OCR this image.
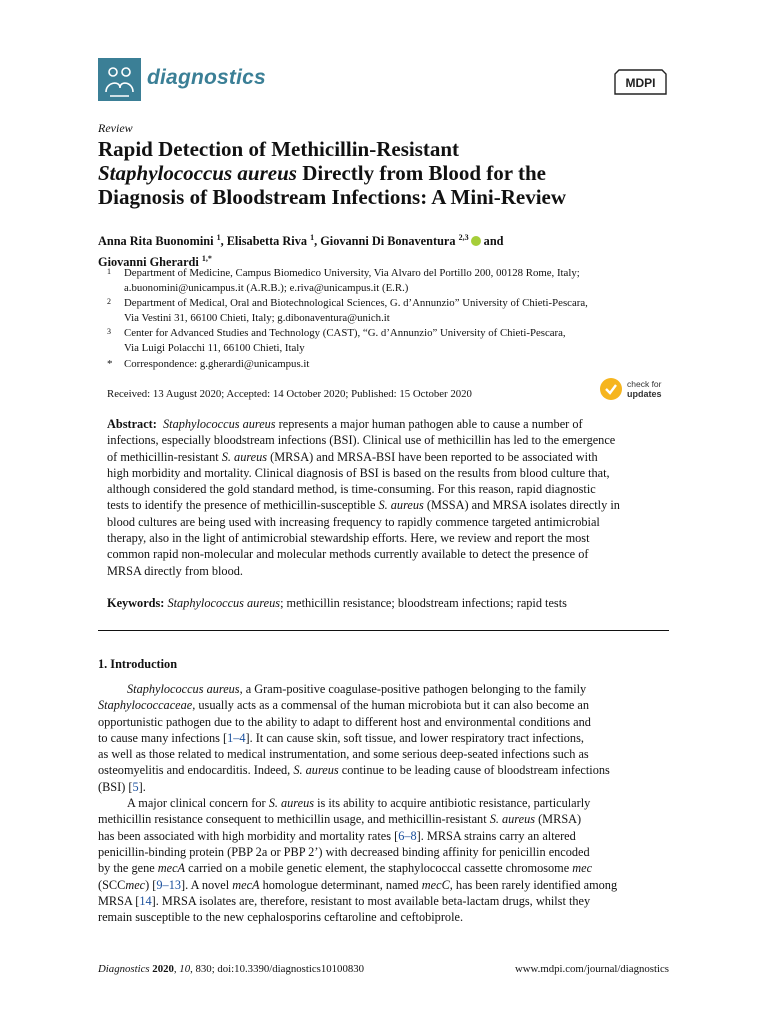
diagnostics	MDPI
Review
Rapid Detection of Methicillin-Resistant
Staphylococcus aureus Directly from Blood for the
Diagnosis of Bloodstream Infections: A Mini-Review
Anna Rita Buonomini $^1$, Elisabetta Riva $^1$, Giovanni Di Bonaventura $^{2,3}$ and
Giovanni Gherardi $^{1,*}$
1 Department of Medicine, Campus Biomedico University, Via Alvaro del Portillo 200, 00128 Rome, Italy;
a.buonomini@unicampus.it (A.R.B.); e.riva@unicampus.it (E.R.)
2 Department of Medical, Oral and Biotechnological Sciences, G. d’Annunzio” University of Chieti-Pescara,
Via Vestini 31, 66100 Chieti, Italy; g.dibonaventura@unich.it
3 Center for Advanced Studies and Technology (CAST), “G. d’Annunzio” University of Chieti-Pescara,
Via Luigi Polacchi 11, 66100 Chieti, Italy
* Correspondence: g.gherardi@unicampus.it
Received: 13 August 2020; Accepted: 14 October 2020; Published: 15 October 2020
check for
updates
Abstract: Staphylococcus aureus represents a major human pathogen able to cause a number of
infections, especially bloodstream infections (BSI). Clinical use of methicillin has led to the emergence
of methicillin-resistant S. aureus (MRSA) and MRSA-BSI have been reported to be associated with
high morbidity and mortality. Clinical diagnosis of BSI is based on the results from blood culture that,
although considered the gold standard method, is time-consuming. For this reason, rapid diagnostic
tests to identify the presence of methicillin-susceptible S. aureus (MSSA) and MRSA isolates directly in
blood cultures are being used with increasing frequency to rapidly commence targeted antimicrobial
therapy, also in the light of antimicrobial stewardship efforts. Here, we review and report the most
common rapid non-molecular and molecular methods currently available to detect the presence of
MRSA directly from blood.
Keywords: Staphylococcus aureus; methicillin resistance; bloodstream infections; rapid tests
1. Introduction
Staphylococcus aureus, a Gram-positive coagulase-positive pathogen belonging to the family
Staphylococcaceae, usually acts as a commensal of the human microbiota but it can also become an
opportunistic pathogen due to the ability to adapt to different host and environmental conditions and
to cause many infections [1–4]. It can cause skin, soft tissue, and lower respiratory tract infections,
as well as those related to medical instrumentation, and some serious deep-seated infections such as
osteomyelitis and endocarditis. Indeed, S. aureus continue to be leading cause of bloodstream infections
(BSI) [5].
A major clinical concern for S. aureus is its ability to acquire antibiotic resistance, particularly
methicillin resistance consequent to methicillin usage, and methicillin-resistant S. aureus (MRSA)
has been associated with high morbidity and mortality rates [6–8]. MRSA strains carry an altered
penicillin-binding protein (PBP 2a or PBP 2’) with decreased binding affinity for penicillin encoded
by the gene mecA carried on a mobile genetic element, the staphylococcal cassette chromosome mec
(SCCmec) [9–13]. A novel mecA homologue determinant, named mecC, has been rarely identified among
MRSA [14]. MRSA isolates are, therefore, resistant to most available beta-lactam drugs, whilst they
remain susceptible to the new cephalosporins ceftaroline and ceftobiprole.
Diagnostics 2020, 10, 830; doi:10.3390/diagnostics10100830	www.mdpi.com/journal/diagnostics
